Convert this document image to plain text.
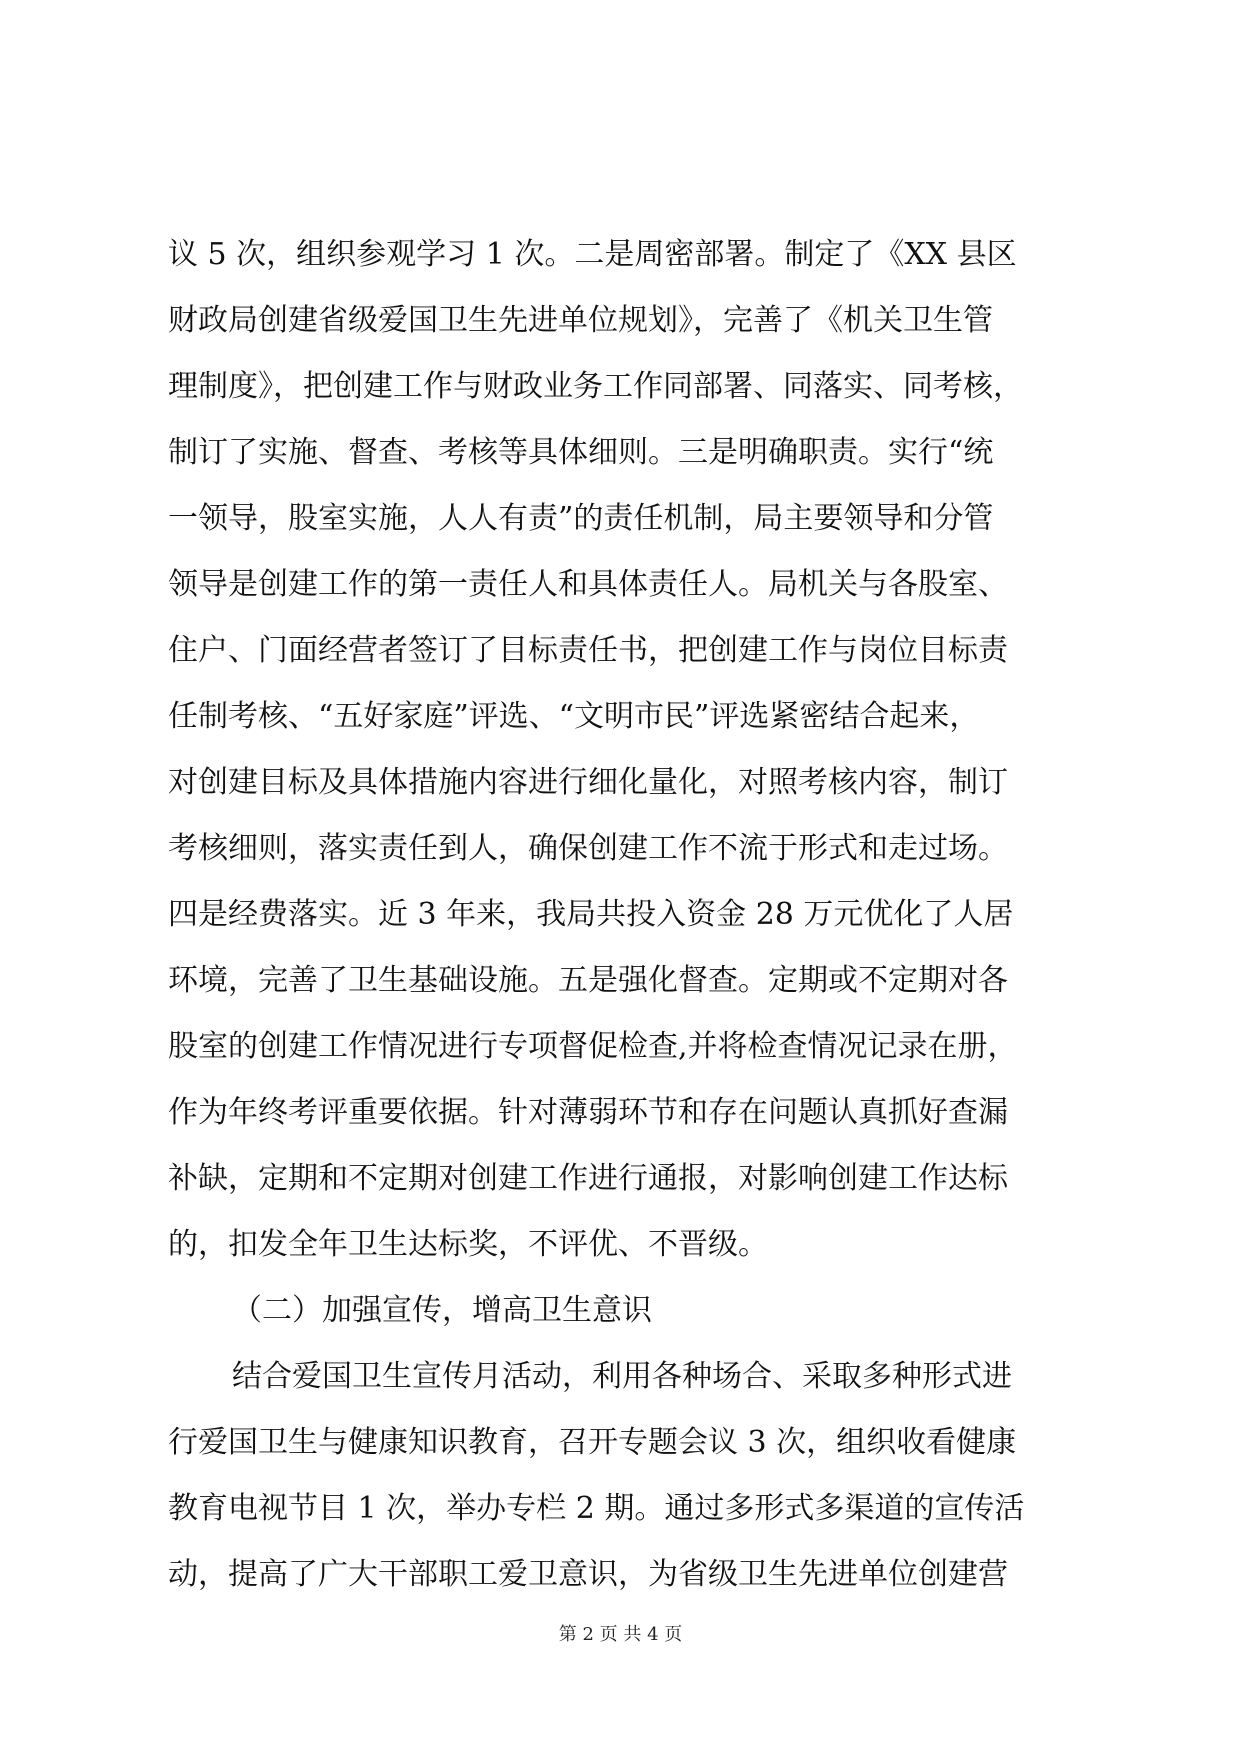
议 5 次，组织参观学习 1 次。二是周密部署。制定了《XX 县区
财政局创建省级爱国卫生先进单位规划》，完善了《机关卫生管
理制度》，把创建工作与财政业务工作同部署、同落实、同考核，
制订了实施、督查、考核等具体细则。三是明确职责。实行“统
一领导，股室实施，人人有责”的责任机制，局主要领导和分管
领导是创建工作的第一责任人和具体责任人。局机关与各股室、
住户、门面经营者签订了目标责任书，把创建工作与岗位目标责
任制考核、“五好家庭”评选、“文明市民”评选紧密结合起来，
对创建目标及具体措施内容进行细化量化，对照考核内容，制订
考核细则，落实责任到人，确保创建工作不流于形式和走过场。
四是经费落实。近 3 年来，我局共投入资金 28 万元优化了人居
环境，完善了卫生基础设施。五是强化督查。定期或不定期对各
股室的创建工作情况进行专项督促检查,并将检查情况记录在册，
作为年终考评重要依据。针对薄弱环节和存在问题认真抓好查漏
补缺，定期和不定期对创建工作进行通报，对影响创建工作达标
的，扣发全年卫生达标奖，不评优、不晋级。
（二）加强宣传，增高卫生意识
结合爱国卫生宣传月活动，利用各种场合、采取多种形式进
行爱国卫生与健康知识教育，召开专题会议 3 次，组织收看健康
教育电视节目 1 次，举办专栏 2 期。通过多形式多渠道的宣传活
动，提高了广大干部职工爱卫意识，为省级卫生先进单位创建营
第 2 页 共 4 页
